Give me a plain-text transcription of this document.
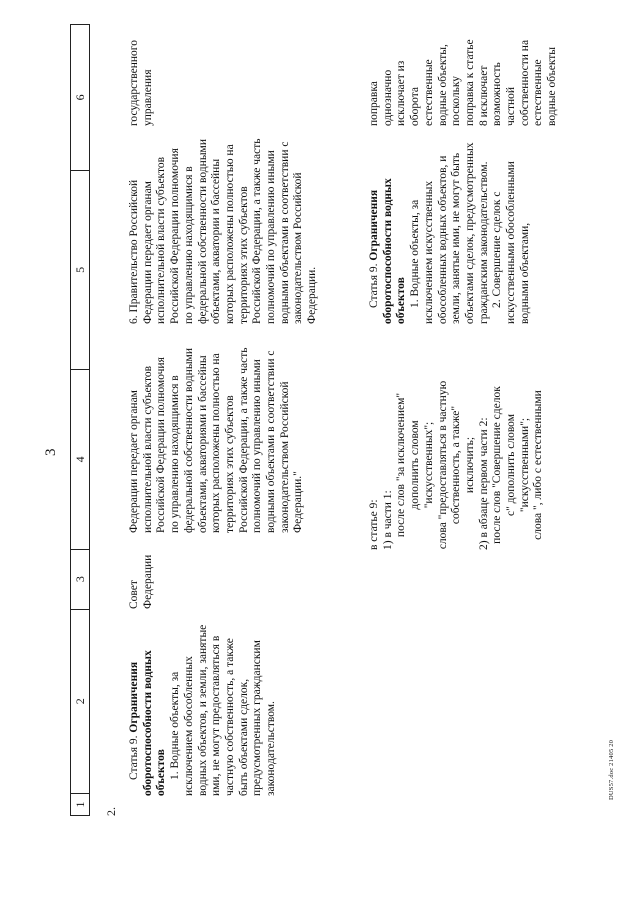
3
1
2
3
4
5
6

Федерации передает органам исполнительной власти субъектов Российской Федерации полномочия по управлению находящимися в федеральной собственности водными объектами, акваториями и бассейны которых расположены полностью на территориях этих субъектов Российской Федерации, а также часть полномочий по управлению иными водными объектами в соответствии с законодательством Российской Федерации."

6. Правительство Российской Федерации передает органам исполнительной власти субъектов Российской Федерации полномочия по управлению находящимися в федеральной собственности водными объектами, акватории и бассейны которых расположены полностью на территориях этих субъектов Российской Федерации, а также часть полномочий по управлению иными водными объектами в соответствии с законодательством Российской Федерации.

государственного управления

2.

Статья 9. Ограничения оборотоспособности водных объектов 1. Водные объекты, за исключением обособленных водных объектов, и земли, занятые ими, не могут предоставляться в частную собственность, а также быть объектами сделок, предусмотренных гражданским законодательством.

Совет Федерации

в статье 9: 1) в части 1: после слов "за исключением" дополнить словом "искусственных"; слова "предоставляться в частную собственность, а также" исключить; 2) в абзаце первом части 2: после слов "Совершение сделок с" дополнить словом "искусственными"; слова ", либо с естественными

Статья 9. Ограничения оборотоспособности водных объектов 1. Водные объекты, за исключением искусственных обособленных водных объектов, и земли, занятые ими, не могут быть объектами сделок, предусмотренных гражданским законодательством. 2. Совершение сделок с искусственными обособленными водными объектами,

поправка однозначно исключает из оборота естественные водные объекты, поскольку поправка к статье 8 исключает возможность частной собственности на естественные водные объекты

DUS57.doc 21405 20
